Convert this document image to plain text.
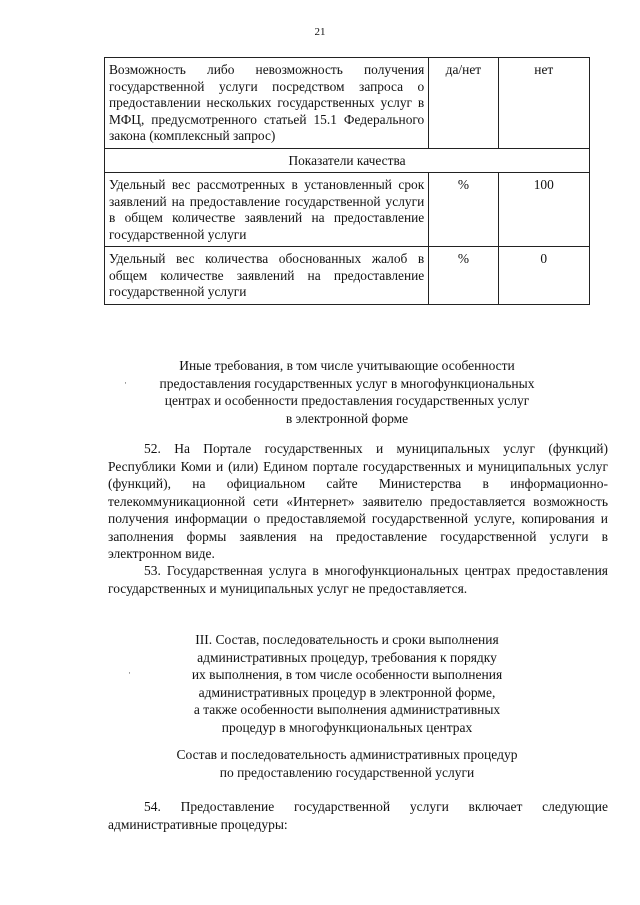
21
Возможность либо невозможность получения государственной услуги посредством запроса о предоставлении нескольких государственных услуг в МФЦ, предусмотренного статьей 15.1 Федерального закона (комплексный запрос)	да/нет	нет
Показатели качества		
Удельный вес рассмотренных в установленный срок заявлений на предоставление государственной услуги в общем количестве заявлений на предоставление государственной услуги	%	100
Удельный вес количества обоснованных жалоб в общем количестве заявлений на предоставление государственной услуги	%	0
Иные требования, в том числе учитывающие особенности
предоставления государственных услуг в многофункциональных
центрах и особенности предоставления государственных услуг
в электронной форме
·

52. На Портале государственных и муниципальных услуг (функций) Республики Коми и (или) Едином портале государственных и муниципальных услуг (функций), на официальном сайте Министерства в информационно-телекоммуникационной сети «Интернет» заявителю предоставляется возможность получения информации о предоставляемой государственной услуге, копирования и заполнения формы заявления на предоставление государственной услуги в электронном виде.

53. Государственная услуга в многофункциональных центрах предоставления государственных и муниципальных услуг не предоставляется.

III. Состав, последовательность и сроки выполнения
административных процедур, требования к порядку
их выполнения, в том числе особенности выполнения
административных процедур в электронной форме,
а также особенности выполнения административных
процедур в многофункциональных центрах
·
Состав и последовательность административных процедур
по предоставлению государственной услуги

54. Предоставление государственной услуги включает следующие административные процедуры:
